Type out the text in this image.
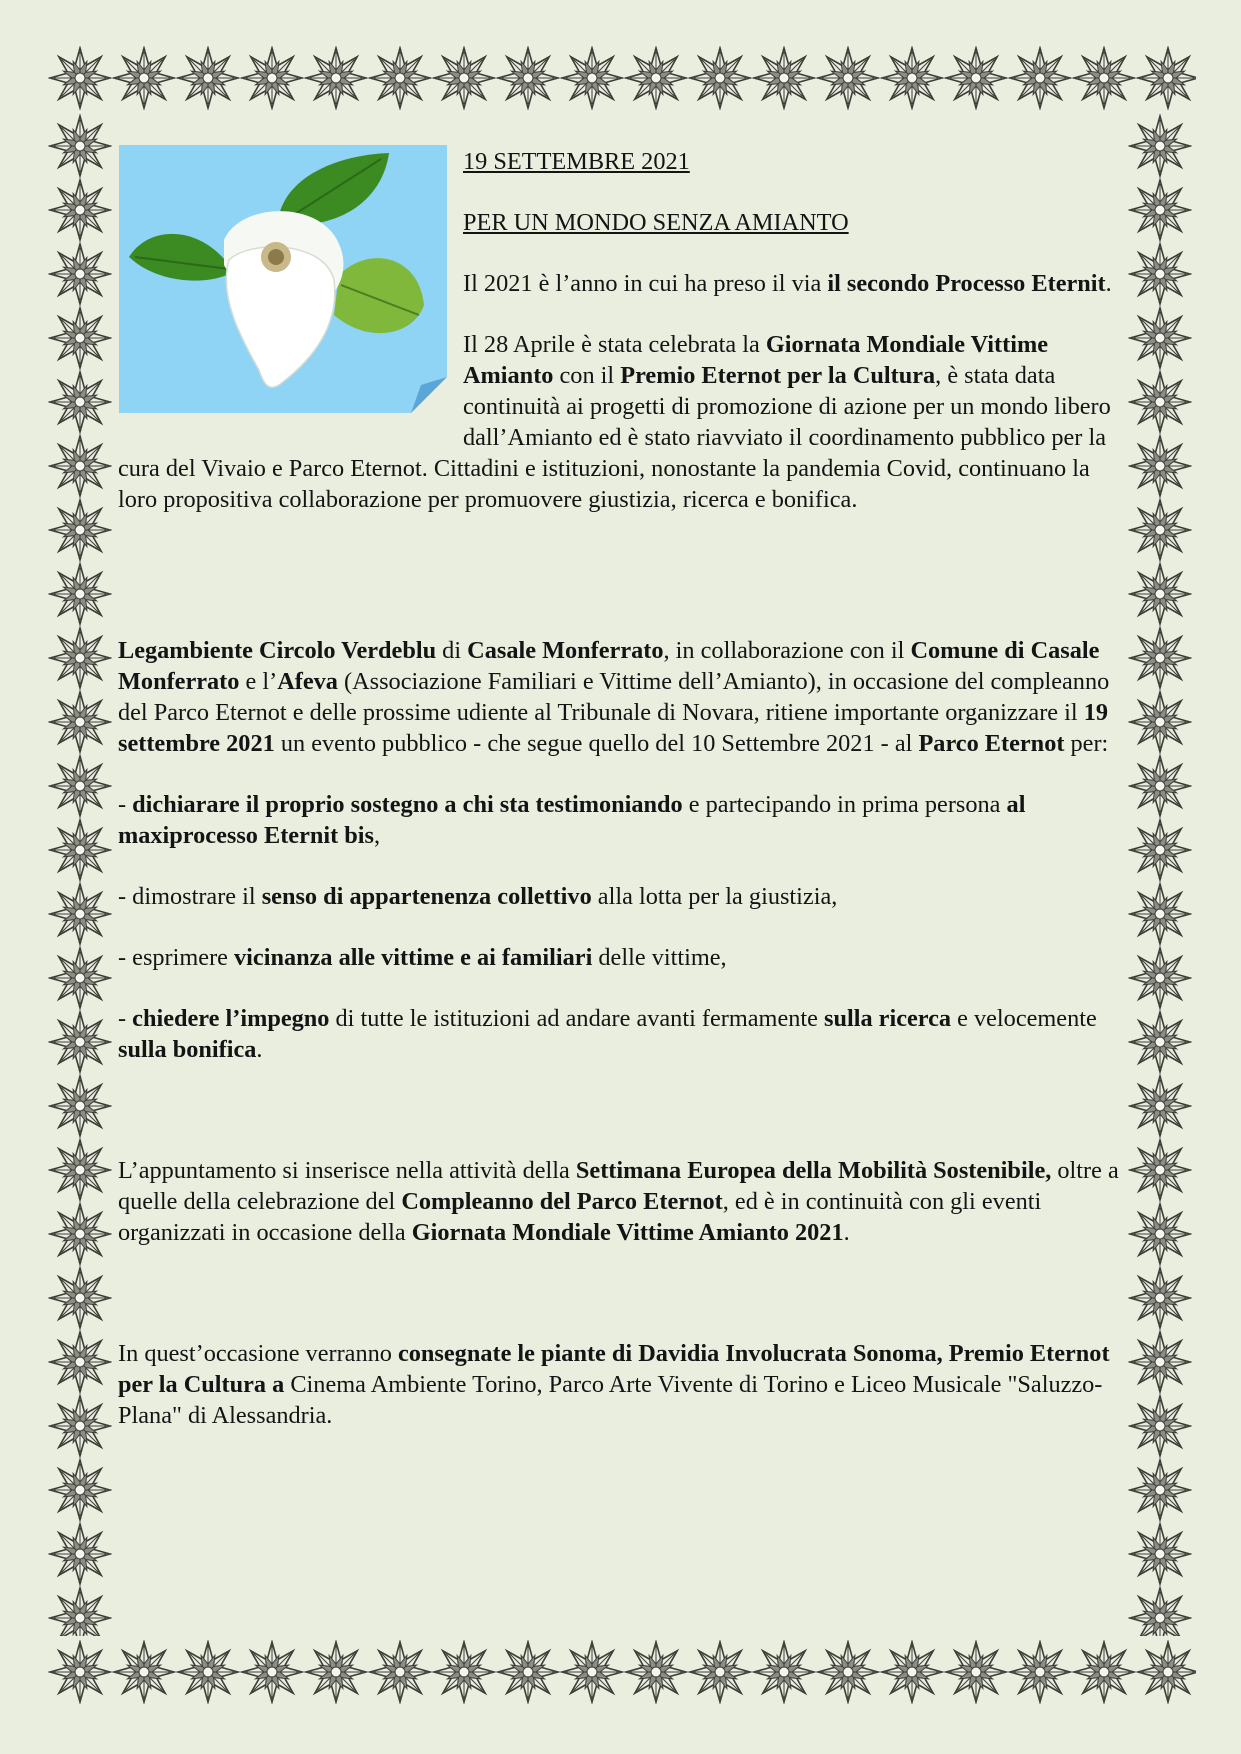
19 SETTEMBRE 2021

PER UN MONDO SENZA AMIANTO

Il 2021 è l’anno in cui ha preso il via il secondo Processo Eternit.

Il 28 Aprile è stata celebrata la Giornata Mondiale Vittime Amianto con il Premio Eternot per la Cultura, è stata data continuità ai progetti di promozione di azione per un mondo libero dall’Amianto ed è stato riavviato il coordinamento pubblico per la cura del Vivaio e Parco Eternot. Cittadini e istituzioni, nonostante la pandemia Covid, continuano la loro propositiva collaborazione per promuovere giustizia, ricerca e bonifica.

Legambiente Circolo Verdeblu di Casale Monferrato, in collaborazione con il Comune di Casale Monferrato e l’Afeva (Associazione Familiari e Vittime dell’Amianto), in occasione del compleanno del Parco Eternot e delle prossime udiente al Tribunale di Novara, ritiene importante organizzare il 19 settembre 2021 un evento pubblico - che segue quello del 10 Settembre 2021 - al Parco Eternot per:

- dichiarare il proprio sostegno a chi sta testimoniando e partecipando in prima persona al maxiprocesso Eternit bis,

- dimostrare il senso di appartenenza collettivo alla lotta per la giustizia,

- esprimere vicinanza alle vittime e ai familiari delle vittime,

- chiedere l’impegno di tutte le istituzioni ad andare avanti fermamente sulla ricerca e velocemente sulla bonifica.

L’appuntamento si inserisce nella attività della Settimana Europea della Mobilità Sostenibile, oltre a quelle della celebrazione del Compleanno del Parco Eternot, ed è in continuità con gli eventi organizzati in occasione della Giornata Mondiale Vittime Amianto 2021.

In quest’occasione verranno consegnate le piante di Davidia Involucrata Sonoma, Premio Eternot per la Cultura a Cinema Ambiente Torino, Parco Arte Vivente di Torino e Liceo Musicale "Saluzzo-Plana" di Alessandria.
